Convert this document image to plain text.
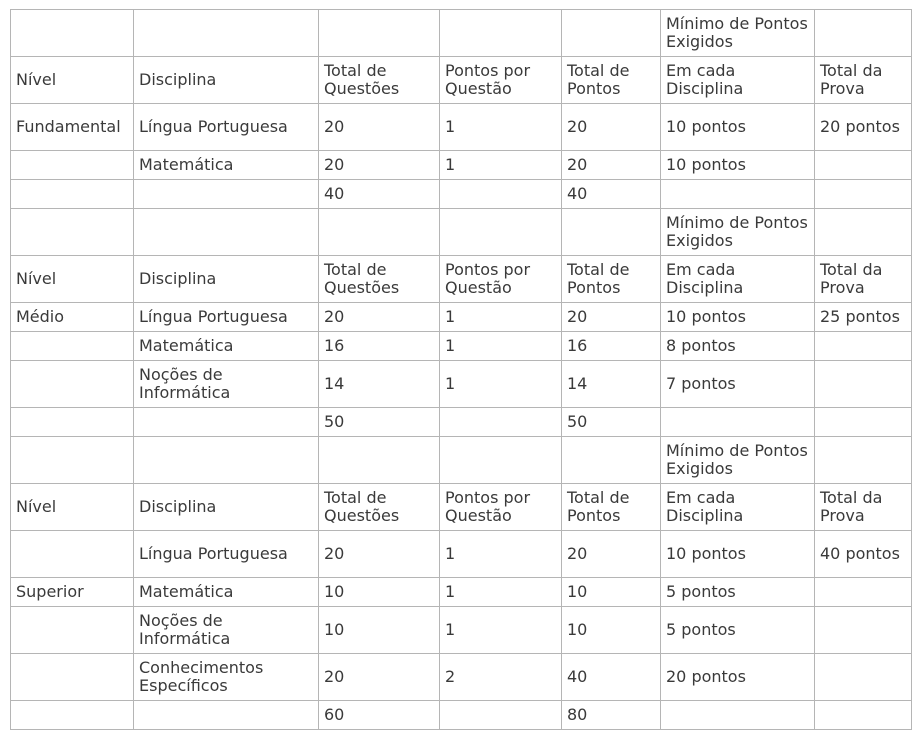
					Mínimo de Pontos Exigidos	
Nível	Disciplina	Total de Questões	Pontos por Questão	Total de Pontos	Em cada Disciplina	Total da Prova
Fundamental	Língua Portuguesa	20	1	20	10 pontos	20 pontos
	Matemática	20	1	20	10 pontos	
		40		40		
					Mínimo de Pontos Exigidos	
Nível	Disciplina	Total de Questões	Pontos por Questão	Total de Pontos	Em cada Disciplina	Total da Prova
Médio	Língua Portuguesa	20	1	20	10 pontos	25 pontos
	Matemática	16	1	16	8 pontos	
	Noções de Informática	14	1	14	7 pontos	
		50		50		
					Mínimo de Pontos Exigidos	
Nível	Disciplina	Total de Questões	Pontos por Questão	Total de Pontos	Em cada Disciplina	Total da Prova
	Língua Portuguesa	20	1	20	10 pontos	40 pontos
Superior	Matemática	10	1	10	5 pontos	
	Noções de Informática	10	1	10	5 pontos	
	Conhecimentos Específicos	20	2	40	20 pontos	
		60		80		
